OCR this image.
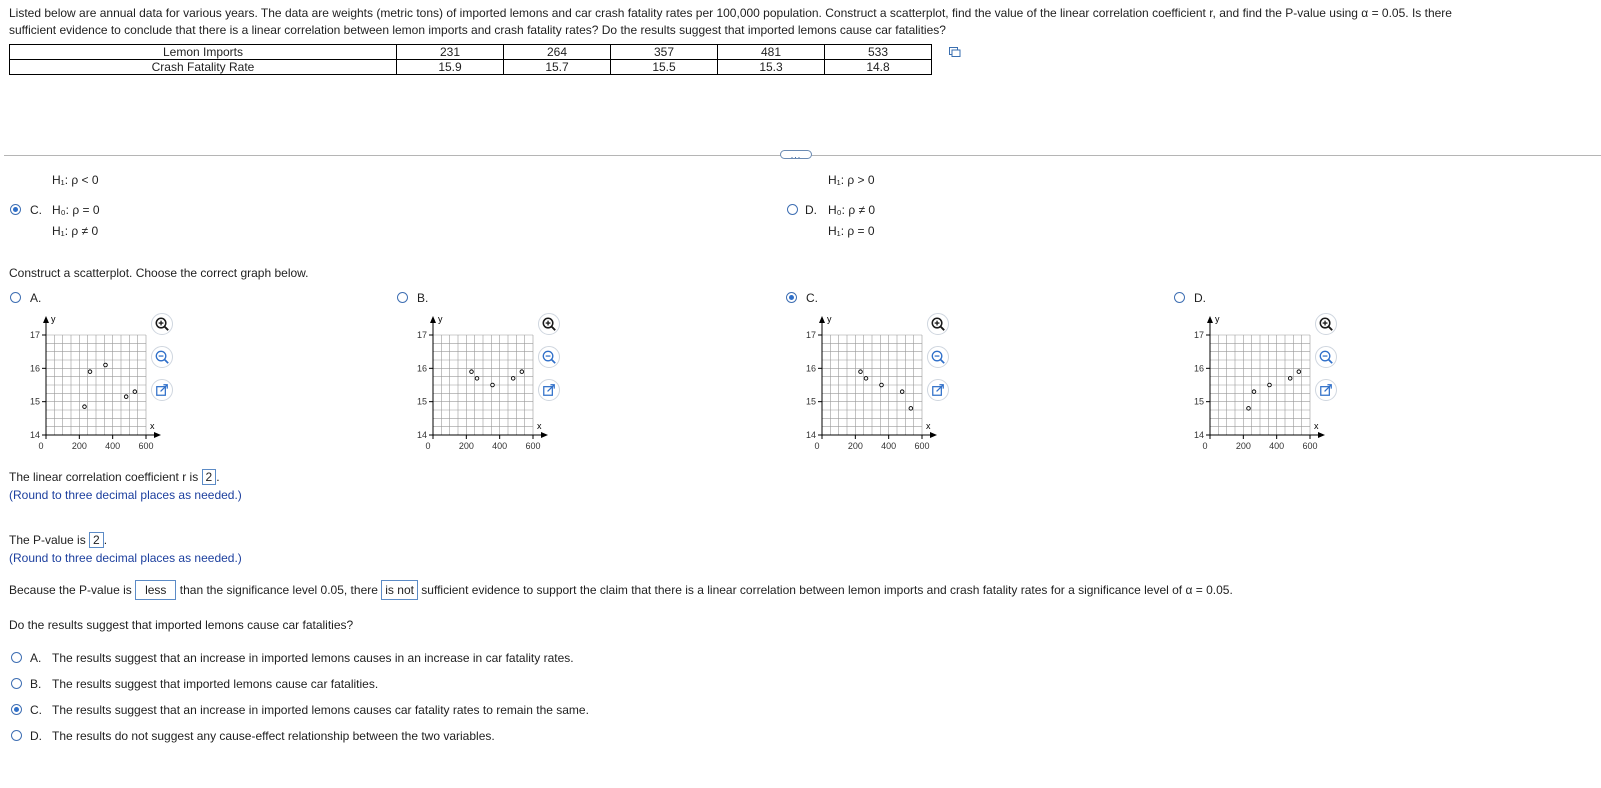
Listed below are annual data for various years. The data are weights (metric tons) of imported lemons and car crash fatality rates per 100,000 population. Construct a scatterplot, find the value of the linear correlation coefficient r, and find the P-value using α = 0.05. Is there
sufficient evidence to conclude that there is a linear correlation between lemon imports and crash fatality rates? Do the results suggest that imported lemons cause car fatalities?
Lemon Imports	231	264	357	481	533
Crash Fatality Rate	15.9	15.7	15.5	15.3	14.8
...
H₁: ρ < 0	H₁: ρ > 0
C. H₀: ρ = 0
H₁: ρ ≠ 0
D. H₀: ρ ≠ 0
H₁: ρ = 0
Construct a scatterplot. Choose the correct graph below.
A.
y
x
17
16
15
14
0	200 400 600
B.
y
x
17
16
15
14
0	200 400 600
C.
y
x
17
16
15
14
0	200 400 600
D.
y
x
17
16
15
14
0	200 400 600
The linear correlation coefficient r is 2 .
(Round to three decimal places as needed.)
The P-value is 2 .
(Round to three decimal places as needed.)
Because the P-value is less than the significance level 0.05, there is not sufficient evidence to support the claim that there is a linear correlation between lemon imports and crash fatality rates for a significance level of α = 0.05.
Do the results suggest that imported lemons cause car fatalities?
A. The results suggest that an increase in imported lemons causes in an increase in car fatality rates.
B. The results suggest that imported lemons cause car fatalities.
C. The results suggest that an increase in imported lemons causes car fatality rates to remain the same.
D. The results do not suggest any cause-effect relationship between the two variables.
